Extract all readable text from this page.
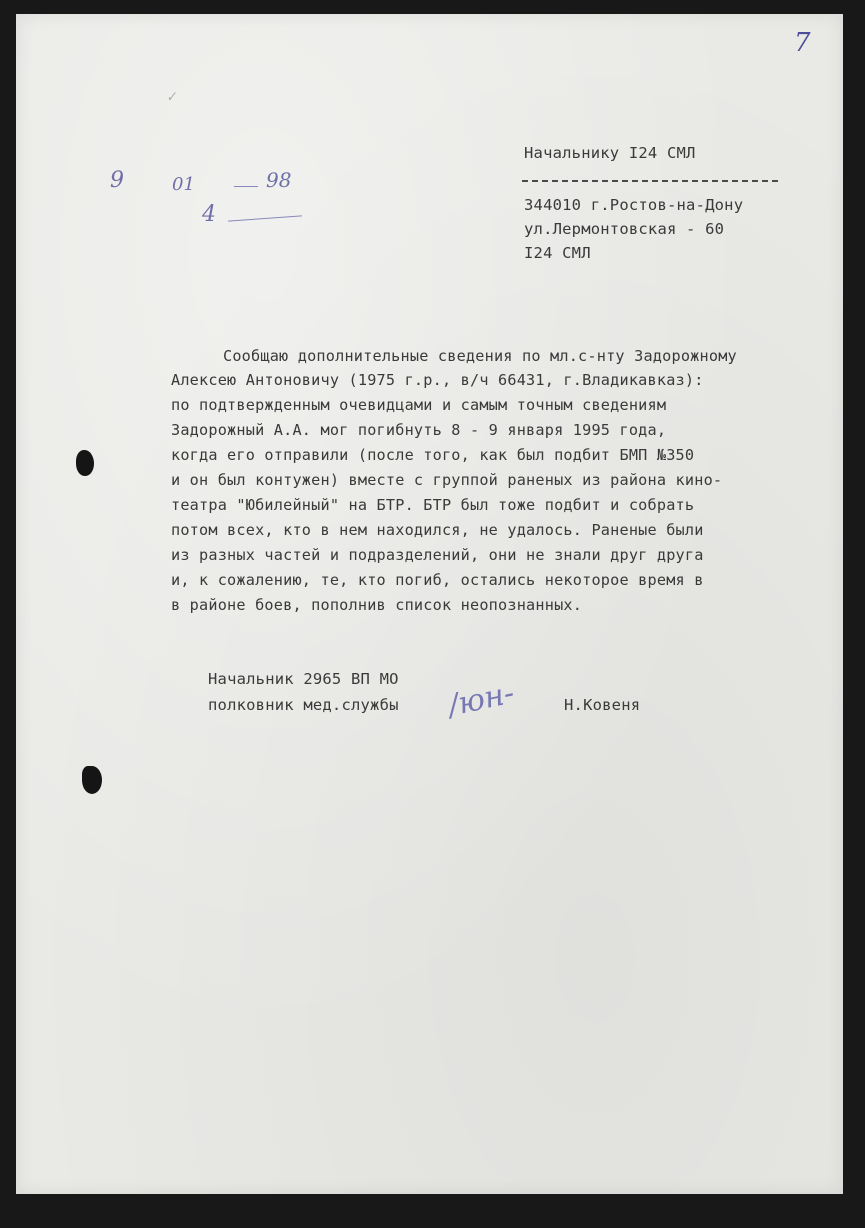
7
✓
9	01	98
4
Начальнику I24 СМЛ
344010 г.Ростов-на-Дону
ул.Лермонтовская - 60
I24 СМЛ
Сообщаю дополнительные сведения по мл.с-нту Задорожному
Алексею Антоновичу (1975 г.р., в/ч 66431, г.Владикавказ):
по подтвержденным очевидцами и самым точным сведениям
Задорожный А.А. мог погибнуть 8 - 9 января 1995 года,
когда его отправили (после того, как был подбит БМП №350
и он был контужен) вместе с группой раненых из района кино-
театра "Юбилейный" на БТР. БТР был тоже подбит и собрать
потом всех, кто в нем находился, не удалось. Раненые были
из разных частей и подразделений, они не знали друг друга
и, к сожалению, те, кто погиб, остались некоторое время в
в районе боев, пополнив список неопознанных.
Начальник 2965 ВП МО
полковник мед.службы /юн-	Н.Ковеня
